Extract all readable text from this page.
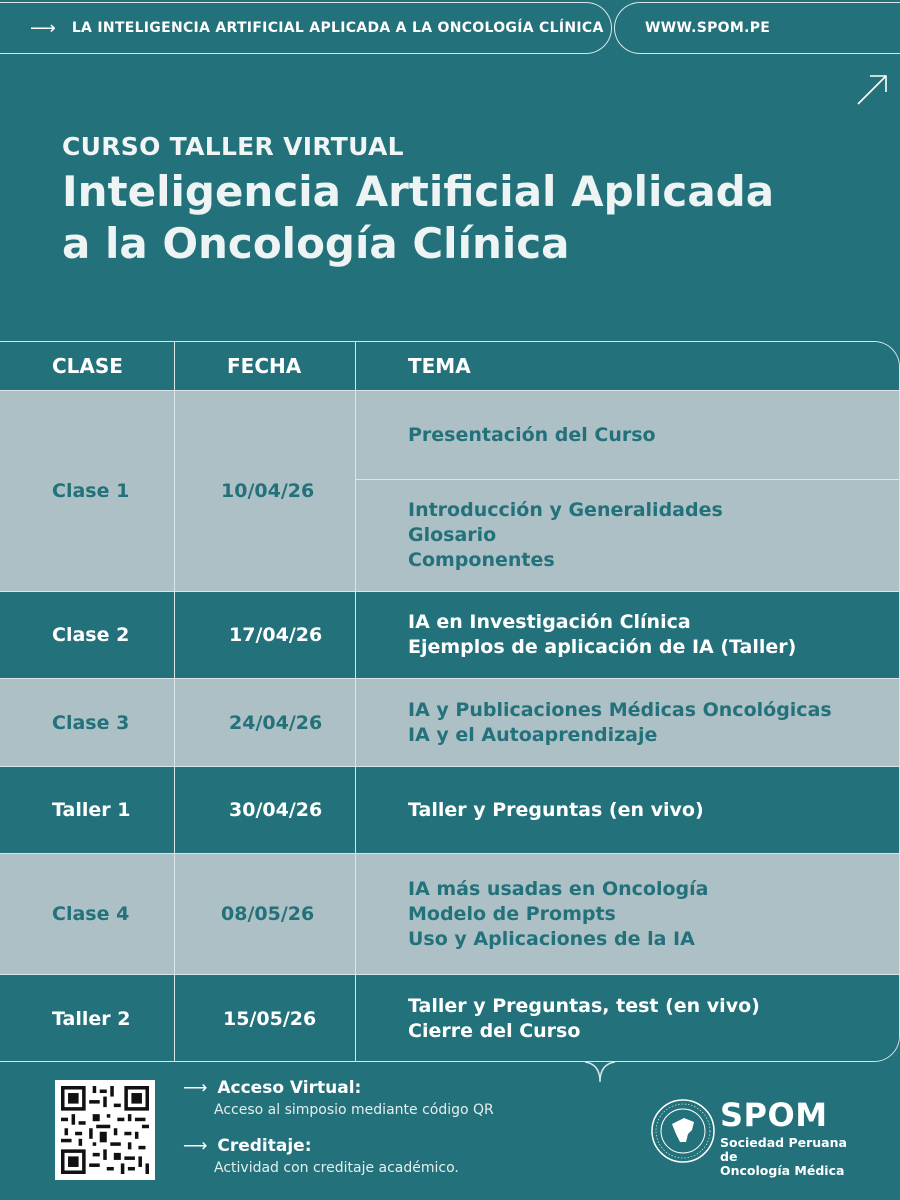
⟶ LA INTELIGENCIA ARTIFICIAL APLICADA A LA ONCOLOGÍA CLÍNICA	WWW.SPOM.PE
CURSO TALLER VIRTUAL
Inteligencia Artificial Aplicada
a la Oncología Clínica
CLASE	FECHA	TEMA
Clase 1	10/04/26
Presentación del Curso
Introducción y Generalidades
Glosario
Componentes
Clase 2	17/04/26
IA en Investigación Clínica
Ejemplos de aplicación de IA (Taller)
Clase 3	24/04/26
IA y Publicaciones Médicas Oncológicas
IA y el Autoaprendizaje
Taller 1	30/04/26	Taller y Preguntas (en vivo)
Clase 4	08/05/26
IA más usadas en Oncología
Modelo de Prompts
Uso y Aplicaciones de la IA
Taller 2	15/05/26
Taller y Preguntas, test (en vivo)
Cierre del Curso
⟶ Acceso Virtual:
Acceso al simposio mediante código QR
⟶ Creditaje:
Actividad con creditaje académico.
SPOM
Sociedad Peruana de
Oncología Médica
